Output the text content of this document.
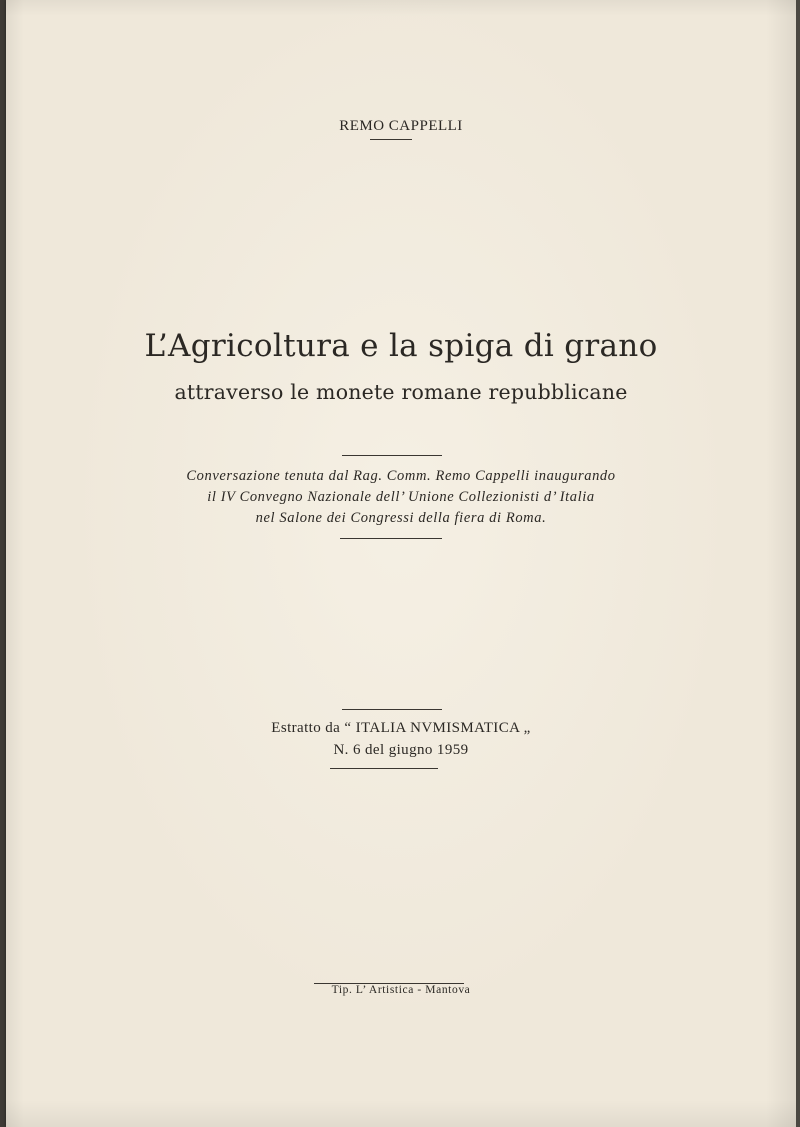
REMO CAPPELLI
L’Agricoltura e la spiga di grano
attraverso le monete romane repubblicane
Conversazione tenuta dal Rag. Comm. Remo Cappelli inaugurando
il IV Convegno Nazionale dell’ Unione Collezionisti d’ Italia
nel Salone dei Congressi della fiera di Roma.
Estratto da “ ITALIA NVMISMATICA „
N. 6 del giugno 1959
Tip. L’ Artistica - Mantova
